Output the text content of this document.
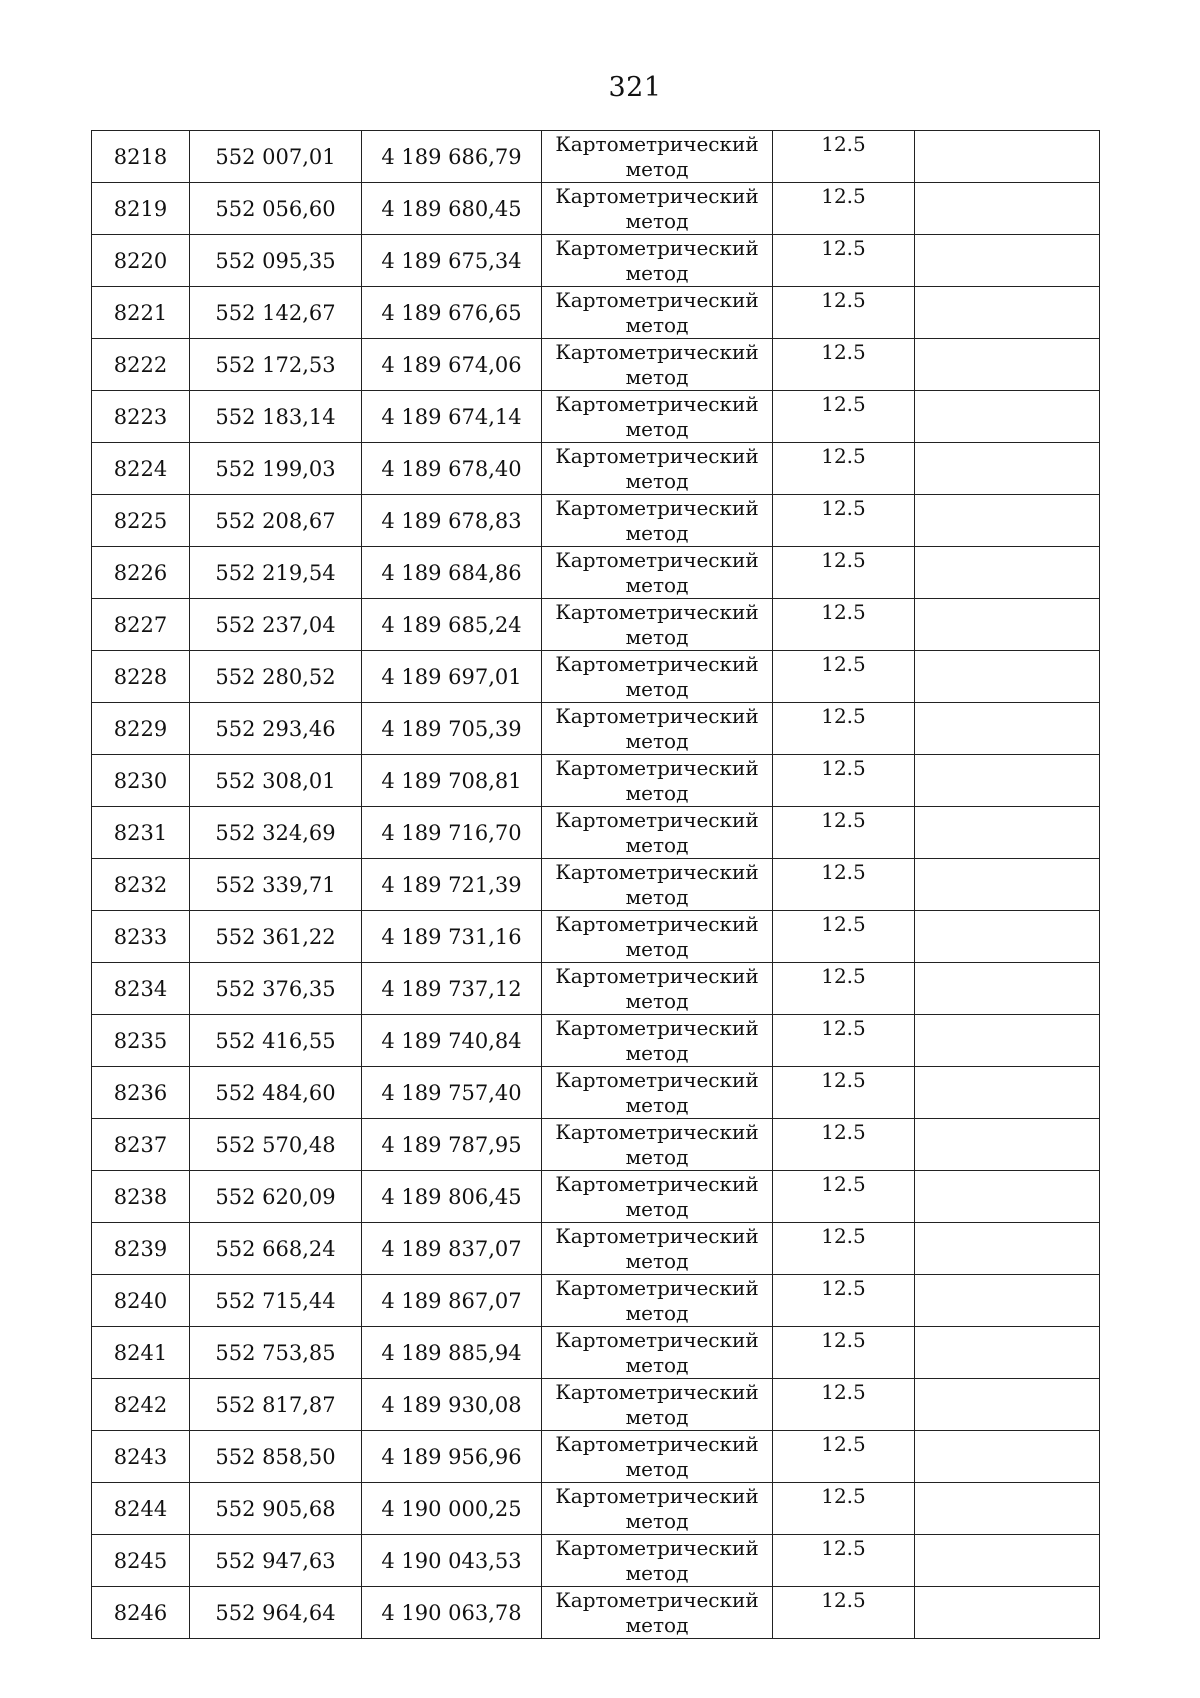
321
8218	552 007,01	4 189 686,79	Картометрический
метод	12.5	
8219	552 056,60	4 189 680,45	Картометрический
метод	12.5	
8220	552 095,35	4 189 675,34	Картометрический
метод	12.5	
8221	552 142,67	4 189 676,65	Картометрический
метод	12.5	
8222	552 172,53	4 189 674,06	Картометрический
метод	12.5	
8223	552 183,14	4 189 674,14	Картометрический
метод	12.5	
8224	552 199,03	4 189 678,40	Картометрический
метод	12.5	
8225	552 208,67	4 189 678,83	Картометрический
метод	12.5	
8226	552 219,54	4 189 684,86	Картометрический
метод	12.5	
8227	552 237,04	4 189 685,24	Картометрический
метод	12.5	
8228	552 280,52	4 189 697,01	Картометрический
метод	12.5	
8229	552 293,46	4 189 705,39	Картометрический
метод	12.5	
8230	552 308,01	4 189 708,81	Картометрический
метод	12.5	
8231	552 324,69	4 189 716,70	Картометрический
метод	12.5	
8232	552 339,71	4 189 721,39	Картометрический
метод	12.5	
8233	552 361,22	4 189 731,16	Картометрический
метод	12.5	
8234	552 376,35	4 189 737,12	Картометрический
метод	12.5	
8235	552 416,55	4 189 740,84	Картометрический
метод	12.5	
8236	552 484,60	4 189 757,40	Картометрический
метод	12.5	
8237	552 570,48	4 189 787,95	Картометрический
метод	12.5	
8238	552 620,09	4 189 806,45	Картометрический
метод	12.5	
8239	552 668,24	4 189 837,07	Картометрический
метод	12.5	
8240	552 715,44	4 189 867,07	Картометрический
метод	12.5	
8241	552 753,85	4 189 885,94	Картометрический
метод	12.5	
8242	552 817,87	4 189 930,08	Картометрический
метод	12.5	
8243	552 858,50	4 189 956,96	Картометрический
метод	12.5	
8244	552 905,68	4 190 000,25	Картометрический
метод	12.5	
8245	552 947,63	4 190 043,53	Картометрический
метод	12.5	
8246	552 964,64	4 190 063,78	Картометрический
метод	12.5	
